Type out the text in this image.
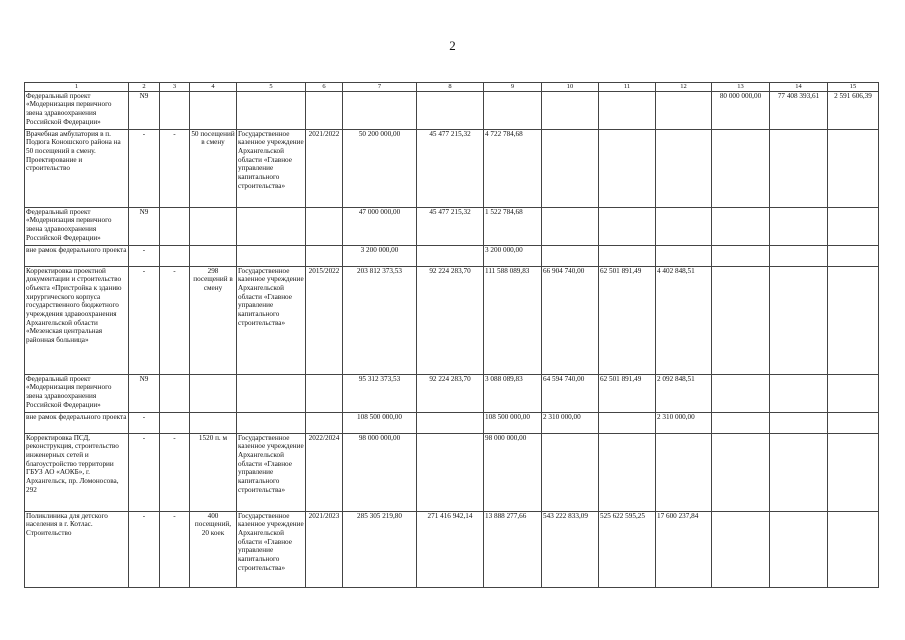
2
1	2	3	4	5	6	7	8	9	10	11	12	13	14	15
Федеральный проект «Модернизация первичного звена здравоохранения Российской Федерации»	N9											80 000 000,00	77 408 393,61	2 591 606,39
Врачебная амбулатория в п. Подюга Коношского района на 50 посещений в смену. Проектирование и строительство	-	-	50 посещений в смену	Государственное казенное учреждение Архангельской области «Главное управление капитального строительства»	2021/2022	50 200 000,00	45 477 215,32	4 722 784,68						
Федеральный проект «Модернизация первичного звена здравоохранения Российской Федерации»	N9					47 000 000,00	45 477 215,32	1 522 784,68						
вне рамок федерального проекта	-					3 200 000,00		3 200 000,00						
Корректировка проектной документации и строительство объекта «Пристройка к зданию хирургического корпуса государственного бюджетного учреждения здравоохранения Архангельской области «Мезенская центральная районная больница»	-	-	298 посещений в смену	Государственное казенное учреждение Архангельской области «Главное управление капитального строительства»	2015/2022	203 812 373,53	92 224 283,70	111 588 089,83	66 904 740,00	62 501 891,49	4 402 848,51			
Федеральный проект «Модернизация первичного звена здравоохранения Российской Федерации»	N9					95 312 373,53	92 224 283,70	3 088 089,83	64 594 740,00	62 501 891,49	2 092 848,51			
вне рамок федерального проекта	-					108 500 000,00		108 500 000,00	2 310 000,00		2 310 000,00			
Корректировка ПСД, реконструкция, строительство инженерных сетей и благоустройство территории ГБУЗ АО «АОКБ», г. Архангельск, пр. Ломоносова, 292	-	-	1520 п. м	Государственное казенное учреждение Архангельской области «Главное управление капитального строительства»	2022/2024	98 000 000,00		98 000 000,00						
Поликлиника для детского населения в г. Котлас. Строительство	-	-	400 посещений, 20 коек	Государственное казенное учреждение Архангельской области «Главное управление капитального строительства»	2021/2023	285 305 219,80	271 416 942,14	13 888 277,66	543 222 833,09	525 622 595,25	17 600 237,84			
